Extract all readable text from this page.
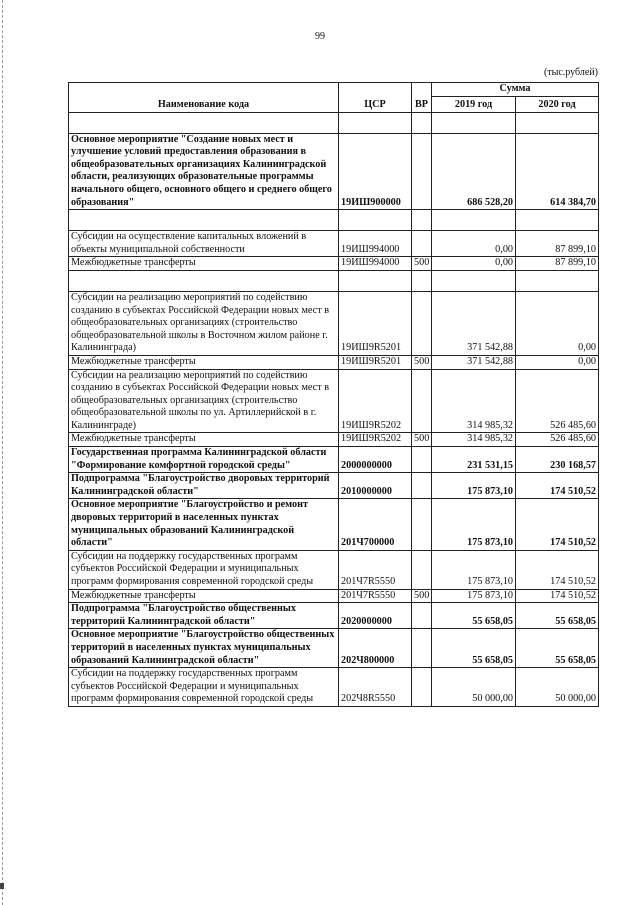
99
(тыс.рублей)
Наименование кода	ЦСР	ВР	Сумма	
			2019 год	2020 год

Основное мероприятие "Создание новых мест и улучшение условий предоставления образования в общеобразовательных организациях Калининградской области, реализующих образовательные программы начального общего, основного общего и среднего общего образования"	19ИШ900000		686 528,20	614 384,70

Субсидии на осуществление капитальных вложений в объекты муниципальной собственности	19ИШ994000		0,00	87 899,10
Межбюджетные трансферты	19ИШ994000	500	0,00	87 899,10

Субсидии на реализацию мероприятий по содействию созданию в субъектах Российской Федерации новых мест в общеобразовательных организациях (строительство общеобразовательной школы в Восточном жилом районе г. Калининграда)	19ИШ9R5201		371 542,88	0,00
Межбюджетные трансферты	19ИШ9R5201	500	371 542,88	0,00
Субсидии на реализацию мероприятий по содействию созданию в субъектах Российской Федерации новых мест в общеобразовательных организациях (строительство общеобразовательной школы по ул. Артиллерийской в г. Калининграде)	19ИШ9R5202		314 985,32	526 485,60
Межбюджетные трансферты	19ИШ9R5202	500	314 985,32	526 485,60
Государственная программа Калининградской области "Формирование комфортной городской среды"	2000000000		231 531,15	230 168,57
Подпрограмма "Благоустройство дворовых территорий Калининградской области"	2010000000		175 873,10	174 510,52
Основное мероприятие "Благоустройство и ремонт дворовых территорий в населенных пунктах муниципальных образований Калининградской области"	201Ч700000		175 873,10	174 510,52
Субсидии на поддержку государственных программ субъектов Российской Федерации и муниципальных программ формирования современной городской среды	201Ч7R5550		175 873,10	174 510,52
Межбюджетные трансферты	201Ч7R5550	500	175 873,10	174 510,52
Подпрограмма "Благоустройство общественных территорий Калининградской области"	2020000000		55 658,05	55 658,05
Основное мероприятие "Благоустройство общественных территорий в населенных пунктах муниципальных образований Калининградской области"	202Ч800000		55 658,05	55 658,05
Субсидии на поддержку государственных программ субъектов Российской Федерации и муниципальных программ формирования современной городской среды	202Ч8R5550		50 000,00	50 000,00
